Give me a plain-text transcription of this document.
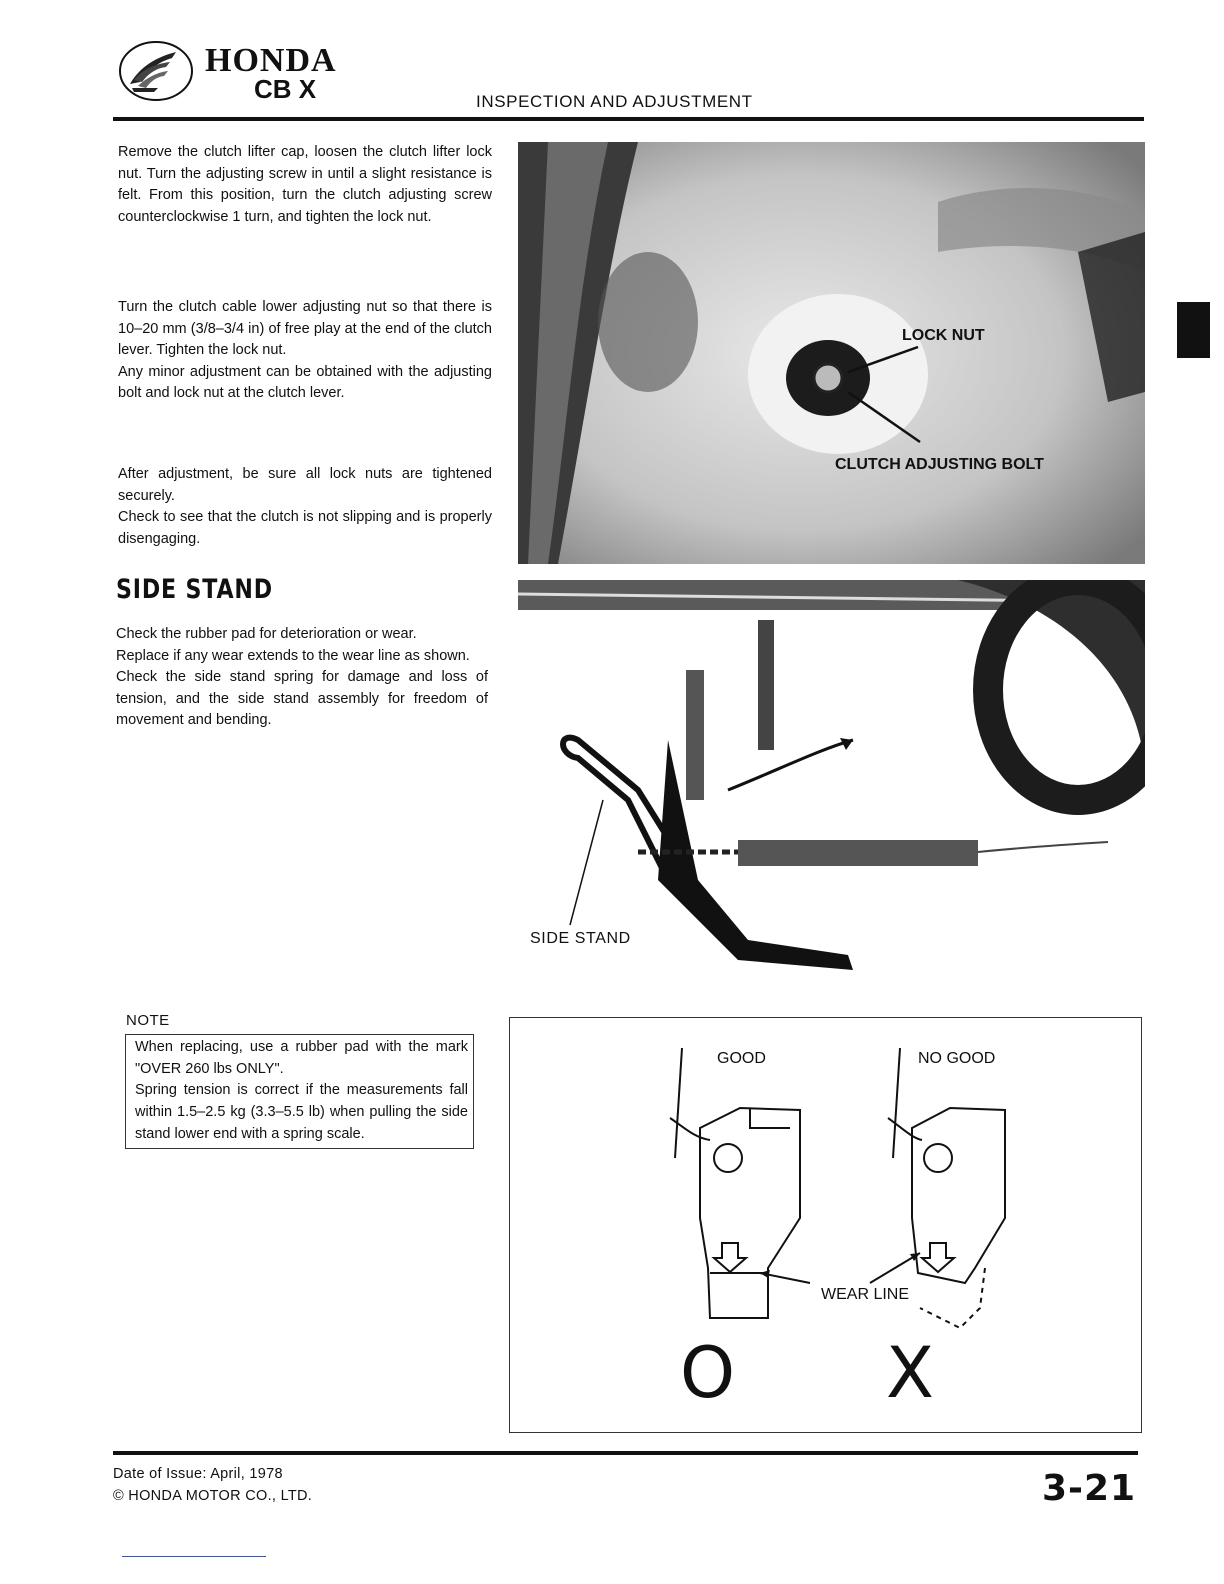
HONDA
CB X	INSPECTION AND ADJUSTMENT

Remove the clutch lifter cap, loosen the clutch lifter lock nut. Turn the adjusting screw in until a slight resistance is felt. From this position, turn the clutch adjusting screw counterclockwise 1 turn, and tighten the lock nut.

Turn the clutch cable lower adjusting nut so that there is 10–20 mm (3/8–3/4 in) of free play at the end of the clutch lever. Tighten the lock nut.

Any minor adjustment can be obtained with the adjusting bolt and lock nut at the clutch lever.

After adjustment, be sure all lock nuts are tightened securely.

Check to see that the clutch is not slipping and is properly disengaging.

LOCK NUT
CLUTCH ADJUSTING BOLT
SIDE STAND

Check the rubber pad for deterioration or wear.

Replace if any wear extends to the wear line as shown.

Check the side stand spring for damage and loss of tension, and the side stand assembly for freedom of movement and bending.

SIDE STAND
NOTE

When replacing, use a rubber pad with the mark "OVER 260 lbs ONLY".

Spring tension is correct if the measurements fall within 1.5–2.5 kg (3.3–5.5 lb) when pulling the side stand lower end with a spring scale.

GOOD	NO GOOD
WEAR LINE
O X
Date of Issue: April, 1978
© HONDA MOTOR CO., LTD.	3-21
